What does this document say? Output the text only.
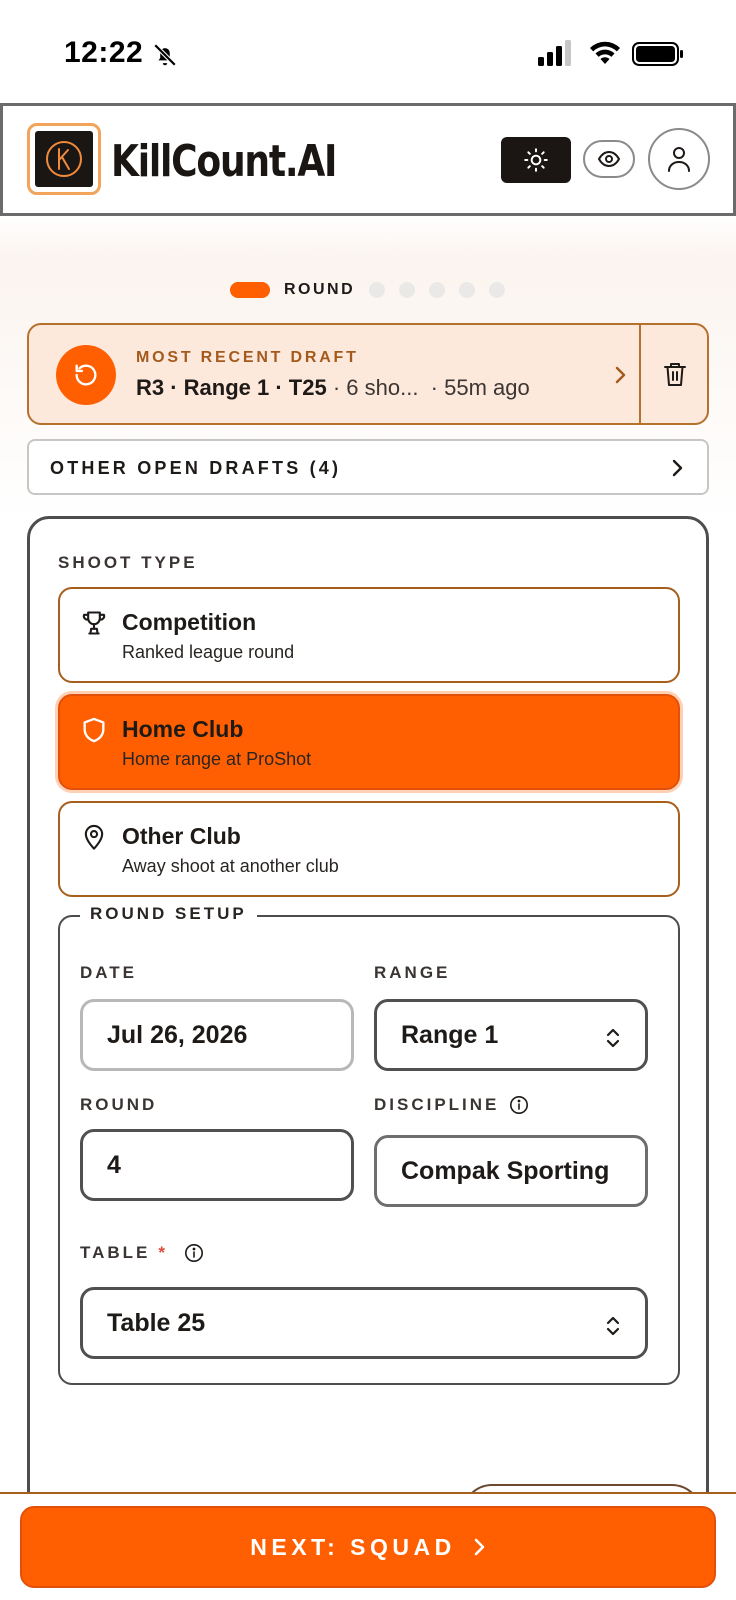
12:22
KillCount.AI
ROUND
MOST RECENT DRAFT
R3 · Range 1 · T25 · 6 sho...  · 55m ago
OTHER OPEN DRAFTS (4)
SHOOT TYPE
Competition
Ranked league round
Home Club
Home range at ProShot
Other Club
Away shoot at another club
ROUND SETUP
DATE
Jul 26, 2026
RANGE
Range 1
ROUND
4
DISCIPLINE
Compak Sporting
TABLE *
Table 25
NEXT: SQUAD
